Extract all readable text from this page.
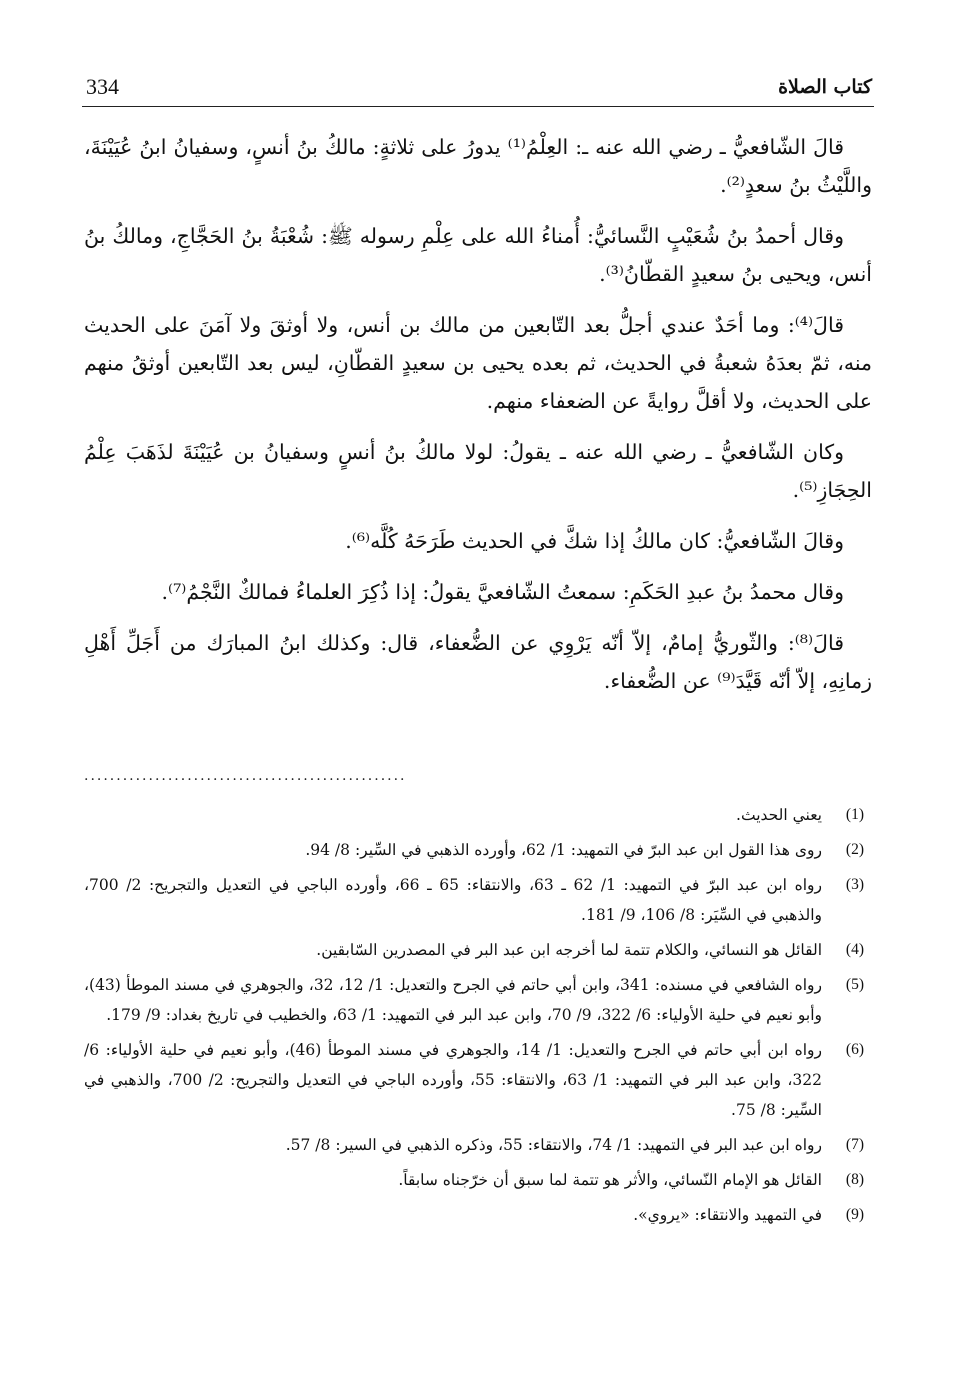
334	كتاب الصلاة

قالَ الشّافعيُّ ـ رضي الله عنه ـ: العِلْمُ⁽¹⁾ يدورُ على ثلاثةٍ: مالكُ بنُ أنسٍ، وسفيانُ ابنُ عُيَيْنَةَ، واللَّيْثُ بنُ سعدٍ⁽²⁾.

وقال أحمدُ بنُ شُعَيْبٍ النَّسائيُّ: أُمناءُ الله على عِلْمِ رسوله ﷺ: شُعْبَةُ بنُ الحَجَّاجِ، ومالكُ بنُ أنس، ويحيى بنُ سعيدٍ القطّانُ⁽³⁾.

قالَ⁽⁴⁾: وما أحَدٌ عندي أجلُّ بعد التّابعين من مالك بن أنس، ولا أوثقَ ولا آمَنَ على الحديث منه، ثمّ بعدَهُ شعبةُ في الحديث، ثم بعده يحيى بن سعيدٍ القطّانِ، ليس بعد التّابعين أوثقُ منهم على الحديث، ولا أقلَّ روايةً عن الضعفاء منهم.

وكان الشّافعيُّ ـ رضي الله عنه ـ يقولُ: لولا مالكُ بنُ أنسٍ وسفيانُ بن عُيَيْنَةَ لذَهَبَ عِلْمُ الحِجَازِ⁽⁵⁾.

وقالَ الشّافعيُّ: كان مالكُ إذا شكَّ في الحديث طَرَحَهُ كُلَّه⁽⁶⁾.

وقال محمدُ بنُ عبدِ الحَكَمِ: سمعتُ الشّافعيَّ يقولُ: إذا ذُكِرَ العلماءُ فمالكٌ النَّجْمُ⁽⁷⁾.

قالَ⁽⁸⁾: والثّوريُّ إمامٌ، إلاّ أنّه يَرْوِي عن الضُّعفاء، قال: وكذلك ابنُ المبارَك من أَجَلِّ أَهْلِ زمانِهِ، إلاّ أنّه قَيَّدَ⁽⁹⁾ عن الضُّعفاء.

..................................................
(1)
يعني الحديث.
(2)
روى هذا القول ابن عبد البرّ في التمهيد: 1/ 62، وأورده الذهبي في السِّير: 8/ 94.
(3)
رواه ابن عبد البرّ في التمهيد: 1/ 62 ـ 63، والانتقاء: 65 ـ 66، وأورده الباجي في التعديل والتجريح: 2/ 700، والذهبي في السِّيَر: 8/ 106، 9/ 181.
(4)
القائل هو النسائي، والكلام تتمة لما أخرجه ابن عبد البر في المصدرين السّابقين.
(5)
رواه الشافعي في مسنده: 341، وابن أبي حاتم في الجرح والتعديل: 1/ 12، 32، والجوهري في مسند الموطأ (43)، وأبو نعيم في حلية الأولياء: 6/ 322، 9/ 70، وابن عبد البر في التمهيد: 1/ 63، والخطيب في تاريخ بغداد: 9/ 179.
(6)
رواه ابن أبي حاتم في الجرح والتعديل: 1/ 14، والجوهري في مسند الموطأ (46)، وأبو نعيم في حلية الأولياء: 6/ 322، وابن عبد البر في التمهيد: 1/ 63، والانتقاء: 55، وأورده الباجي في التعديل والتجريح: 2/ 700، والذهبي في السِّير: 8/ 75.
(7)
رواه ابن عبد البر في التمهيد: 1/ 74، والانتقاء: 55، وذكره الذهبي في السير: 8/ 57.
(8)
القائل هو الإمام النّسائي، والأثر هو تتمة لما سبق أن خرّجناه سابقاً.
(9)
في التمهيد والانتقاء: «يروي».
